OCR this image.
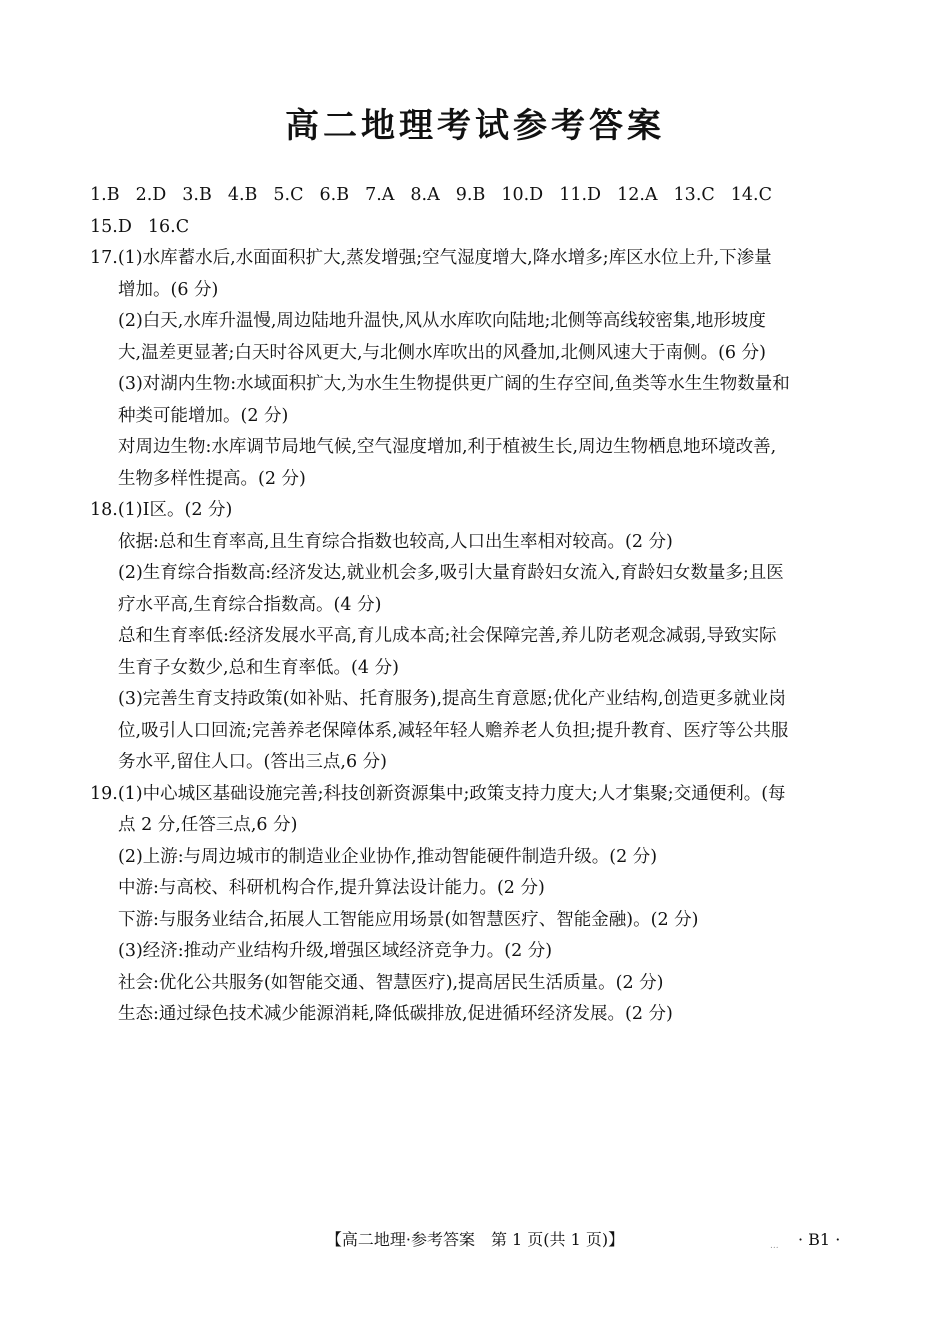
高二地理考试参考答案
1.B 2.D 3.B 4.B 5.C 6.B 7.A 8.A 9.B 10.D 11.D 12.A 13.C 14.C
15.D 16.C
17.(1)水库蓄水后,水面面积扩大,蒸发增强;空气湿度增大,降水增多;库区水位上升,下渗量
增加。(6 分)
(2)白天,水库升温慢,周边陆地升温快,风从水库吹向陆地;北侧等高线较密集,地形坡度
大,温差更显著;白天时谷风更大,与北侧水库吹出的风叠加,北侧风速大于南侧。(6 分)
(3)对湖内生物:水域面积扩大,为水生生物提供更广阔的生存空间,鱼类等水生生物数量和
种类可能增加。(2 分)
对周边生物:水库调节局地气候,空气湿度增加,利于植被生长,周边生物栖息地环境改善,
生物多样性提高。(2 分)
18.(1)Ⅰ区。(2 分)
依据:总和生育率高,且生育综合指数也较高,人口出生率相对较高。(2 分)
(2)生育综合指数高:经济发达,就业机会多,吸引大量育龄妇女流入,育龄妇女数量多;且医
疗水平高,生育综合指数高。(4 分)
总和生育率低:经济发展水平高,育儿成本高;社会保障完善,养儿防老观念减弱,导致实际
生育子女数少,总和生育率低。(4 分)
(3)完善生育支持政策(如补贴、托育服务),提高生育意愿;优化产业结构,创造更多就业岗
位,吸引人口回流;完善养老保障体系,减轻年轻人赡养老人负担;提升教育、医疗等公共服
务水平,留住人口。(答出三点,6 分)
19.(1)中心城区基础设施完善;科技创新资源集中;政策支持力度大;人才集聚;交通便利。(每
点 2 分,任答三点,6 分)
(2)上游:与周边城市的制造业企业协作,推动智能硬件制造升级。(2 分)
中游:与高校、科研机构合作,提升算法设计能力。(2 分)
下游:与服务业结合,拓展人工智能应用场景(如智慧医疗、智能金融)。(2 分)
(3)经济:推动产业结构升级,增强区域经济竞争力。(2 分)
社会:优化公共服务(如智能交通、智慧医疗),提高居民生活质量。(2 分)
生态:通过绿色技术减少能源消耗,降低碳排放,促进循环经济发展。(2 分)
【高二地理·参考答案　第 1 页(共 1 页)】	... · B1 ·
